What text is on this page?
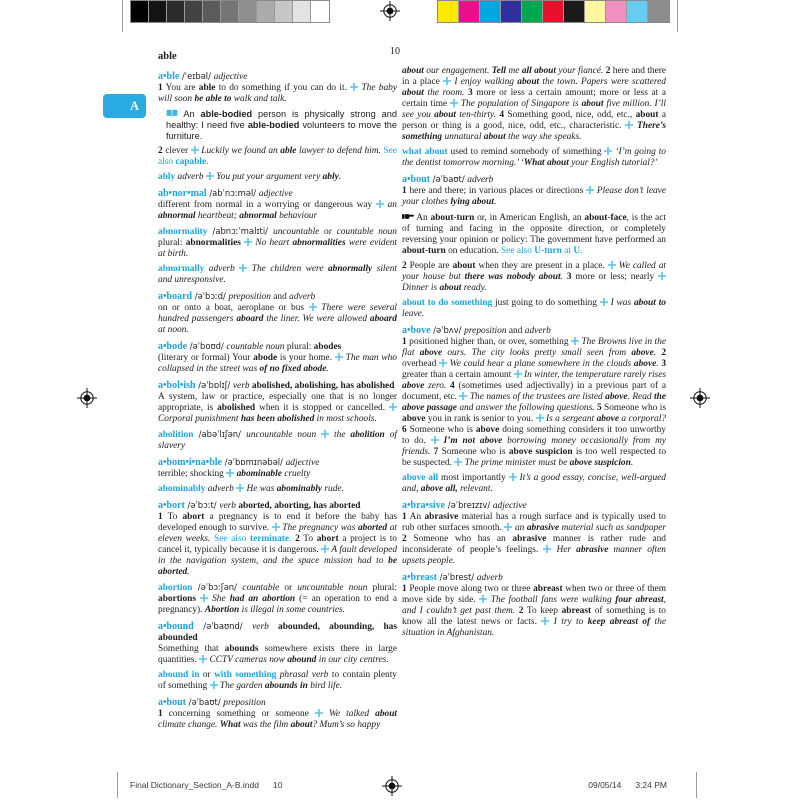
able	10
A

a•ble /ˈeɪbəl/ adjective

1 You are able to do something if you can do it.  The baby will soon be able to walk and talk.

An able-bodied person is physically strong and healthy: I need five able-bodied volunteers to move the furniture.

2 clever  Luckily we found an able lawyer to defend him. See also capable.

ably adverb  You put your argument very ably.

ab•nor•mal /abˈnɔːməl/ adjective

different from normal in a worrying or dangerous way  an abnormal heartbeat; abnormal behaviour

abnormality /abnɔːˈmalɪti/ uncountable or countable noun plural: abnormalities  No heart abnormalities were evident at birth.

abnormally adverb  The children were abnormally silent and unresponsive.

a•board /əˈbɔːd/ preposition and adverb

on or onto a boat, aeroplane or bus  There were several hundred passengers aboard the liner. We were allowed aboard at noon.

a•bode /əˈboʊd/ countable noun plural: abodes

(literary or formal) Your abode is your home.  The man who collapsed in the street was of no fixed abode.

a•bol•ish /əˈbɒlɪʃ/ verb abolished, abolishing, has abolished

A system, law or practice, especially one that is no longer appropriate, is abolished when it is stopped or cancelled.  Corporal punishment has been abolished in most schools.

abolition /abəˈlɪʃən/ uncountable noun  the abolition of slavery

a•bom•i•na•ble /əˈbɒmɪnəbəl/ adjective

terrible; shocking  abominable cruelty

abominably adverb  He was abominably rude.

a•bort /əˈbɔːt/ verb aborted, aborting, has aborted

1 To abort a pregnancy is to end it before the baby has developed enough to survive.  The pregnancy was aborted at eleven weeks. See also terminate. 2 To abort a project is to cancel it, typically because it is dangerous.  A fault developed in the navigation system, and the space mission had to be aborted.

abortion /əˈbɔːʃən/ countable or uncountable noun plural: abortions  She had an abortion (= an operation to end a pregnancy). Abortion is illegal in some countries.

a•bound /əˈbaʊnd/ verb abounded, abounding, has abounded

Something that abounds somewhere exists there in large quantities.  CCTV cameras now abound in our city centres.

abound in or with something phrasal verb to contain plenty of something  The garden abounds in bird life.

a•bout /əˈbaʊt/ preposition

1 concerning something or someone  We talked about climate change. What was the film about? Mum’s so happy

about our engagement. Tell me all about your fiancé. 2 here and there in a place  I enjoy walking about the town. Papers were scattered about the room. 3 more or less a certain amount; more or less at a certain time  The population of Singapore is about five million. I’ll see you about ten-thirty. 4 Something good, nice, odd, etc., about a person or thing is a good, nice, odd, etc., characteristic.  There’s something unnatural about the way she speaks.

what about used to remind somebody of something  ‘I’m going to the dentist tomorrow morning.’ ‘What about your English tutorial?’

a•bout /əˈbaʊt/ adverb

1 here and there; in various places or directions  Please don’t leave your clothes lying about.

An about-turn or, in American English, an about-face, is the act of turning and facing in the opposite direction, or completely reversing your opinion or policy: The government have performed an about-turn on education. See also U-turn at U.

2 People are about when they are present in a place.  We called at your house but there was nobody about. 3 more or less; nearly  Dinner is about ready.

about to do something just going to do something  I was about to leave.

a•bove /əˈbʌv/ preposition and adverb

1 positioned higher than, or over, something  The Browns live in the flat above ours. The city looks pretty small seen from above. 2 overhead  We could hear a plane somewhere in the clouds above. 3 greater than a certain amount  In winter, the temperature rarely rises above zero. 4 (sometimes used adjectivally) in a previous part of a document, etc.  The names of the trustees are listed above. Read the above passage and answer the following questions. 5 Someone who is above you in rank is senior to you.  Is a sergeant above a corporal? 6 Someone who is above doing something considers it too unworthy to do.  I’m not above borrowing money occasionally from my friends. 7 Someone who is above suspicion is too well respected to be suspected.  The prime minister must be above suspicion.

above all most importantly  It’s a good essay, concise, well-argued and, above all, relevant.

a•bra•sive /əˈbreɪzɪv/ adjective

1 An abrasive material has a rough surface and is typically used to rub other surfaces smooth.  an abrasive material such as sandpaper 2 Someone who has an abrasive manner is rather rude and inconsiderate of people’s feelings.  Her abrasive manner often upsets people.

a•breast /əˈbrest/ adverb

1 People move along two or three abreast when two or three of them move side by side.  The football fans were walking four abreast, and I couldn’t get past them. 2 To keep abreast of something is to know all the latest news or facts.  I try to keep abreast of the situation in Afghanistan.

Final Dictionary_Section_A-B.indd 10	09/05/14 3:24 PM
